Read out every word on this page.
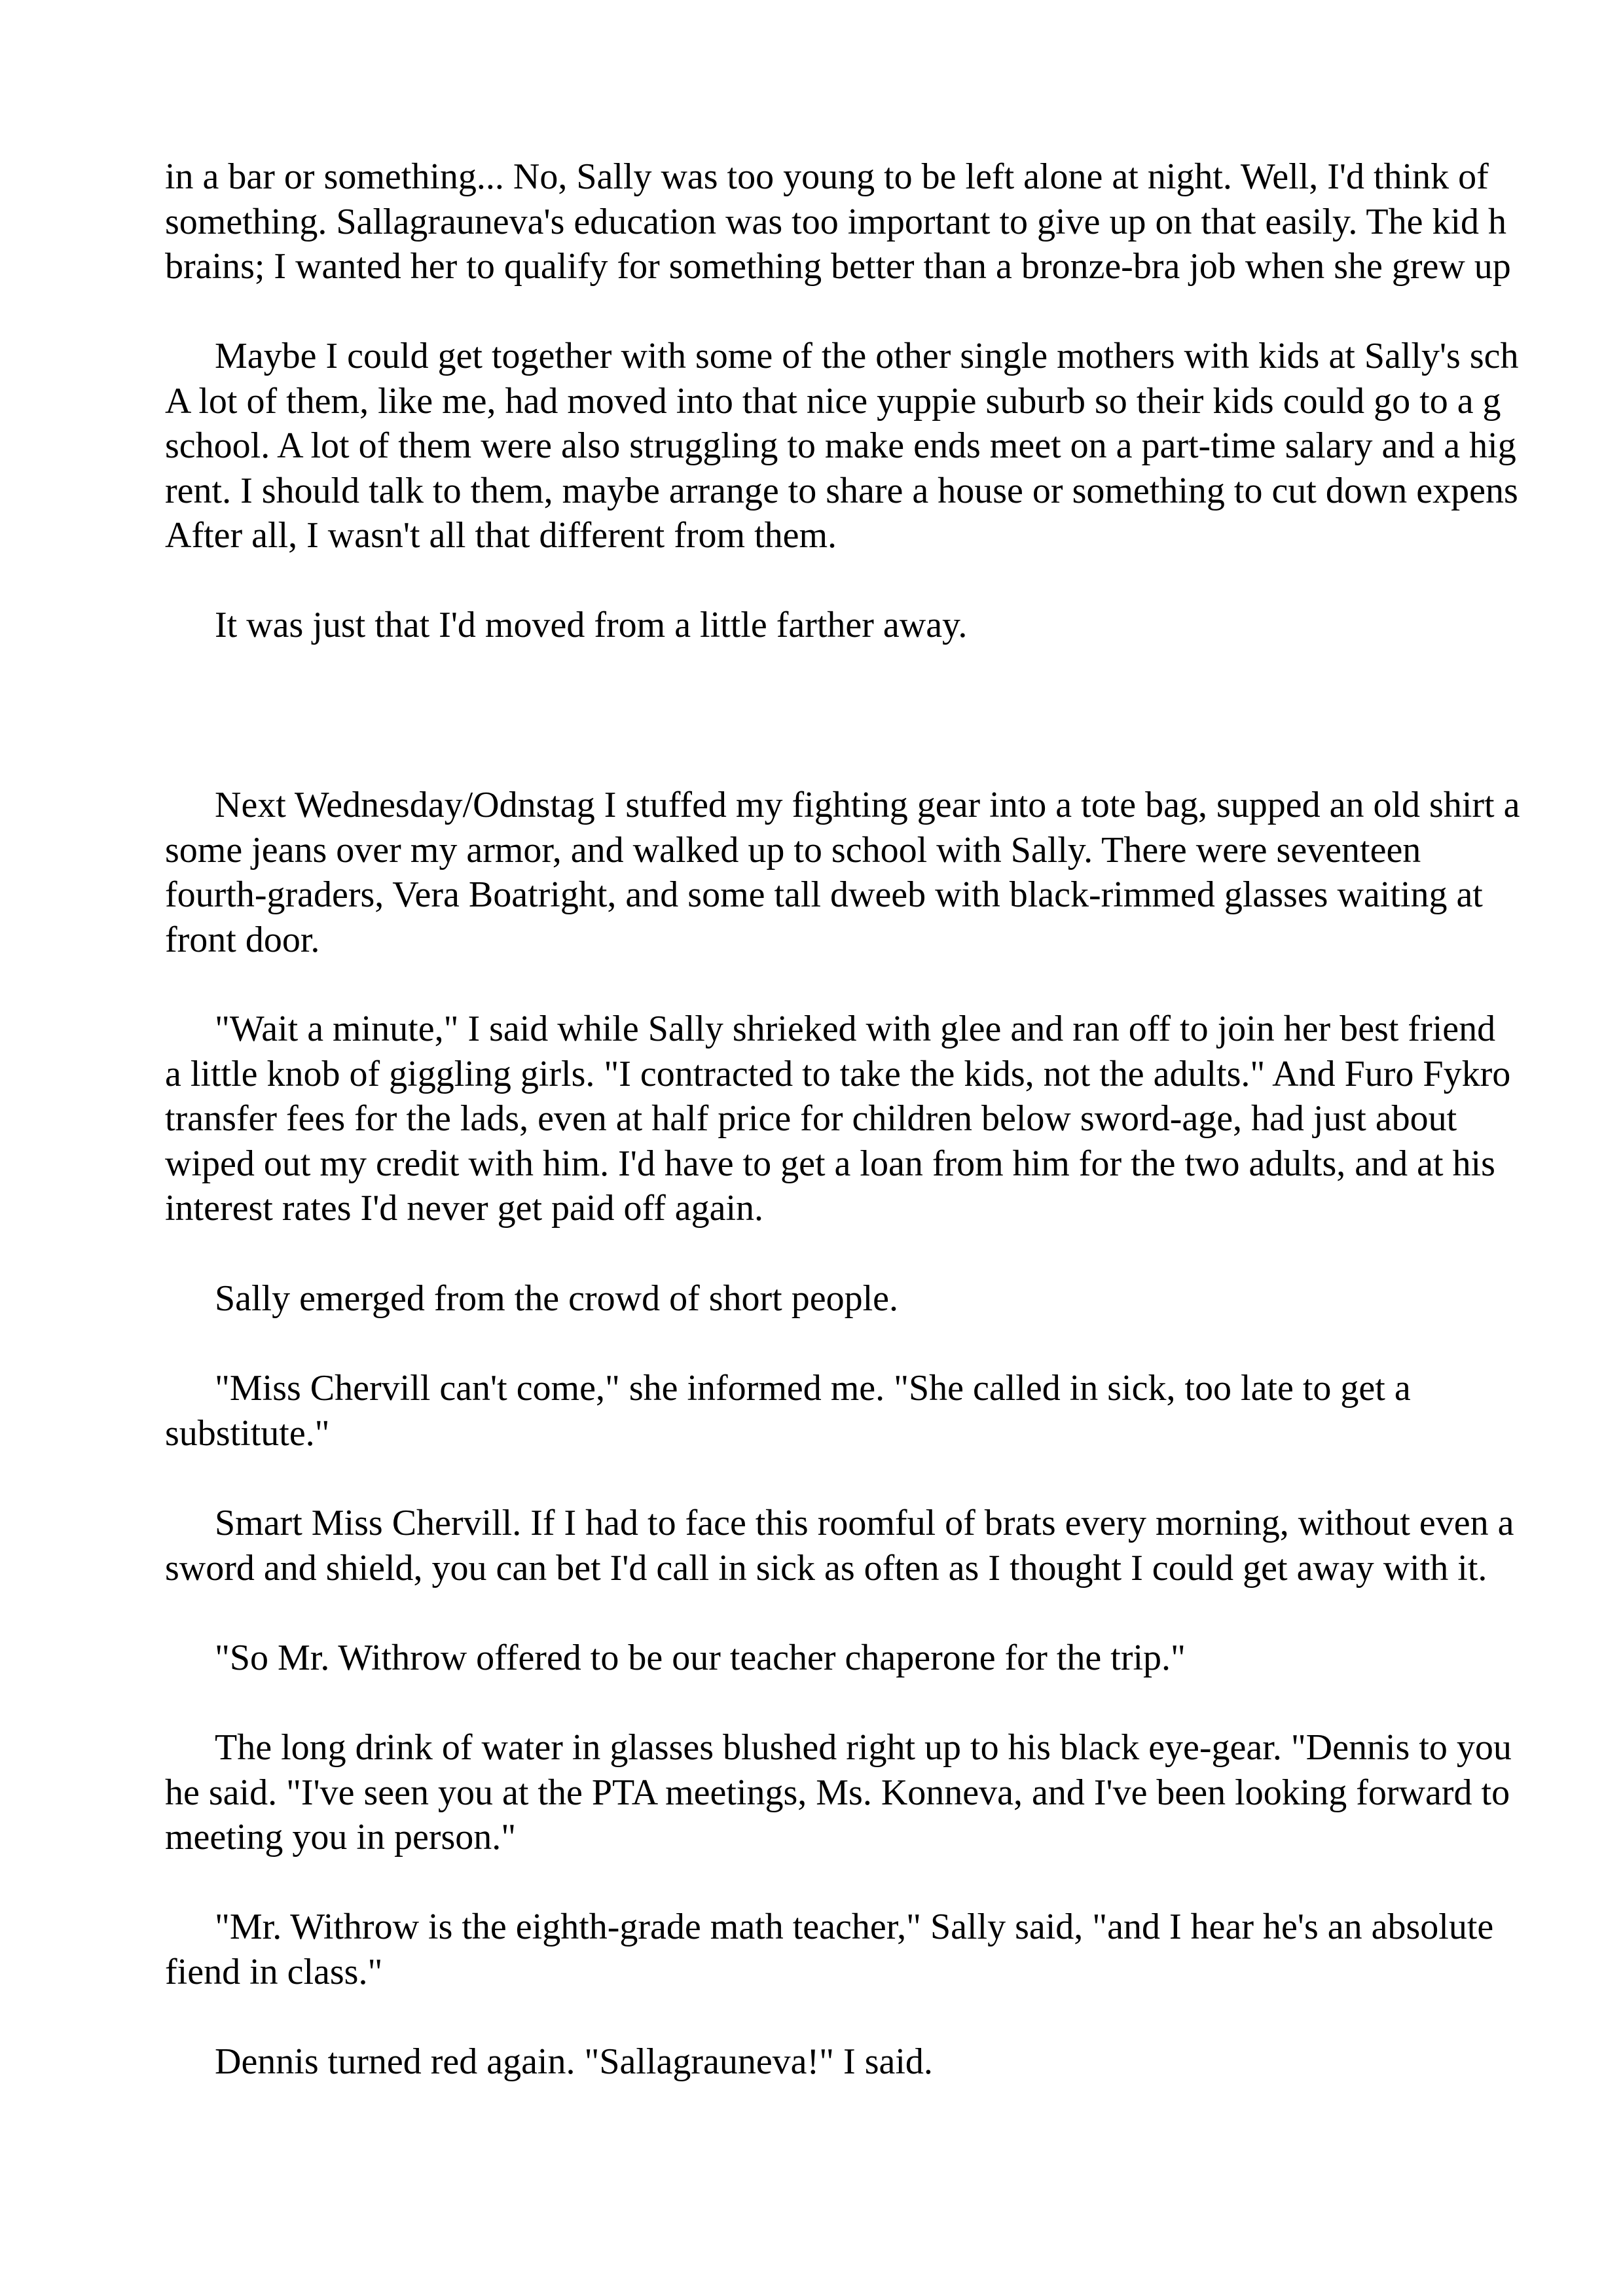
in a bar or something... No, Sally was too young to be left alone at night. Well, I'd think of
something. Sallagrauneva's education was too important to give up on that easily. The kid h
brains; I wanted her to qualify for something better than a bronze-bra job when she grew up

Maybe I could get together with some of the other single mothers with kids at Sally's sch
A lot of them, like me, had moved into that nice yuppie suburb so their kids could go to a g
school. A lot of them were also struggling to make ends meet on a part-time salary and a hig
rent. I should talk to them, maybe arrange to share a house or something to cut down expens
After all, I wasn't all that different from them.

It was just that I'd moved from a little farther away.

Next Wednesday/Odnstag I stuffed my fighting gear into a tote bag, supped an old shirt a
some jeans over my armor, and walked up to school with Sally. There were seventeen
fourth-graders, Vera Boatright, and some tall dweeb with black-rimmed glasses waiting at
front door.

"Wait a minute," I said while Sally shrieked with glee and ran off to join her best friend
a little knob of giggling girls. "I contracted to take the kids, not the adults." And Furo Fykro
transfer fees for the lads, even at half price for children below sword-age, had just about
wiped out my credit with him. I'd have to get a loan from him for the two adults, and at his
interest rates I'd never get paid off again.

Sally emerged from the crowd of short people.

"Miss Chervill can't come," she informed me. "She called in sick, too late to get a
substitute."

Smart Miss Chervill. If I had to face this roomful of brats every morning, without even a
sword and shield, you can bet I'd call in sick as often as I thought I could get away with it.

"So Mr. Withrow offered to be our teacher chaperone for the trip."

The long drink of water in glasses blushed right up to his black eye-gear. "Dennis to you
he said. "I've seen you at the PTA meetings, Ms. Konneva, and I've been looking forward to
meeting you in person."

"Mr. Withrow is the eighth-grade math teacher," Sally said, "and I hear he's an absolute
fiend in class."

Dennis turned red again. "Sallagrauneva!" I said.
